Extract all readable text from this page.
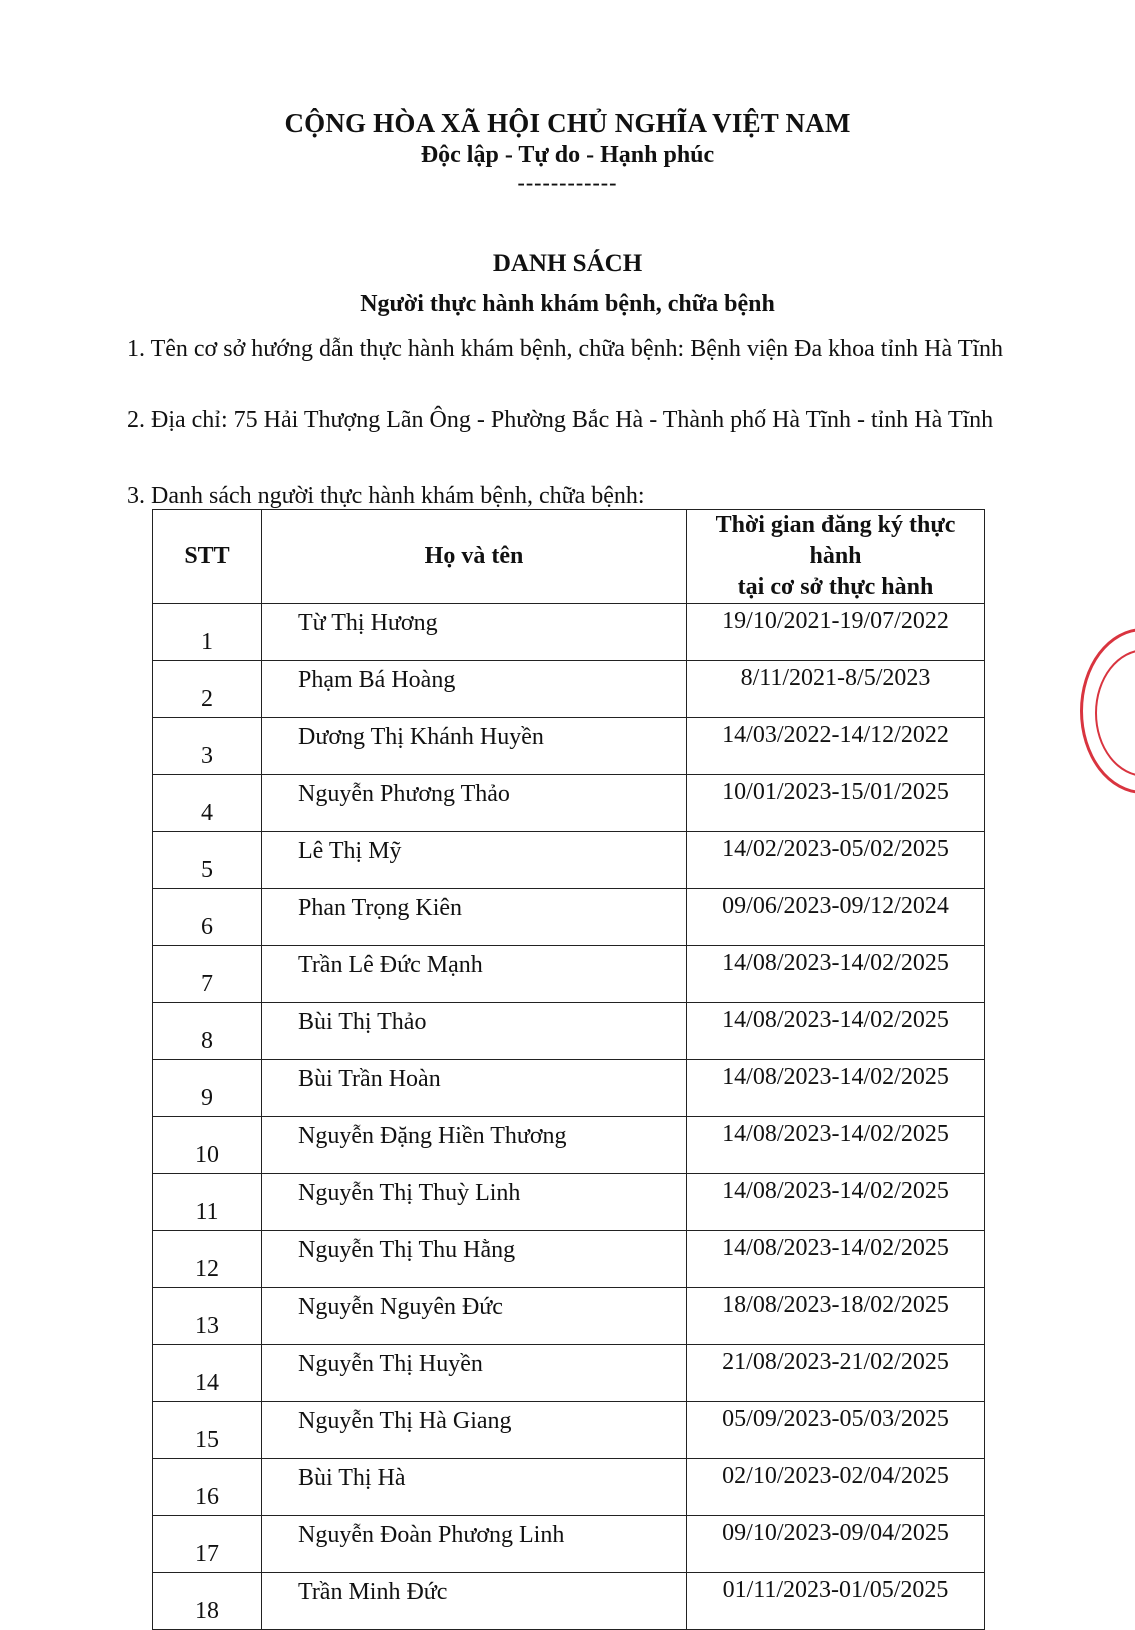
CỘNG HÒA XÃ HỘI CHỦ NGHĨA VIỆT NAM
Độc lập - Tự do - Hạnh phúc
------------
DANH SÁCH
Người thực hành khám bệnh, chữa bệnh

1. Tên cơ sở hướng dẫn thực hành khám bệnh, chữa bệnh: Bệnh viện Đa khoa tỉnh Hà Tĩnh

2. Địa chỉ: 75 Hải Thượng Lãn Ông - Phường Bắc Hà - Thành phố Hà Tĩnh - tỉnh Hà Tĩnh

3. Danh sách người thực hành khám bệnh, chữa bệnh:

STT	Họ và tên	Thời gian đăng ký thực hành
tại cơ sở thực hành

1	Từ Thị Hương	19/10/2021-19/07/2022
2	Phạm Bá Hoàng	8/11/2021-8/5/2023
3	Dương Thị Khánh Huyền	14/03/2022-14/12/2022
4	Nguyễn Phương Thảo	10/01/2023-15/01/2025
5	Lê Thị Mỹ	14/02/2023-05/02/2025
6	Phan Trọng Kiên	09/06/2023-09/12/2024
7	Trần Lê Đức Mạnh	14/08/2023-14/02/2025
8	Bùi Thị Thảo	14/08/2023-14/02/2025
9	Bùi Trần Hoàn	14/08/2023-14/02/2025
10	Nguyễn Đặng Hiền Thương	14/08/2023-14/02/2025
11	Nguyễn Thị Thuỳ Linh	14/08/2023-14/02/2025
12	Nguyễn Thị Thu Hằng	14/08/2023-14/02/2025
13	Nguyễn Nguyên Đức	18/08/2023-18/02/2025
14	Nguyễn Thị Huyền	21/08/2023-21/02/2025
15	Nguyễn Thị Hà Giang	05/09/2023-05/03/2025
16	Bùi Thị Hà	02/10/2023-02/04/2025
17	Nguyễn Đoàn Phương Linh	09/10/2023-09/04/2025
18	Trần Minh Đức	01/11/2023-01/05/2025
